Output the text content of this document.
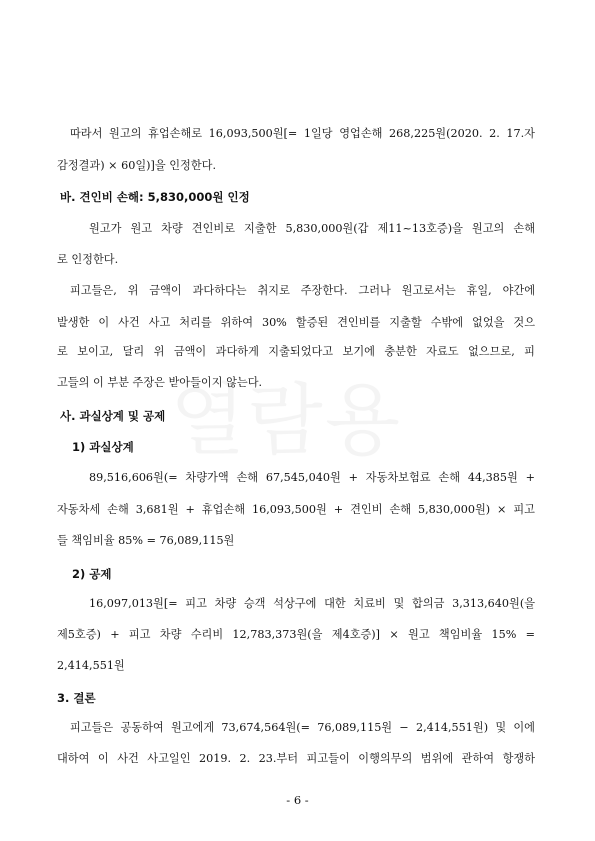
따라서 원고의 휴업손해로 16,093,500원[= 1일당 영업손해 268,225원(2020. 2. 17.자
감정결과) × 60일)]을 인정한다.
바. 견인비 손해: 5,830,000원 인정
원고가 원고 차량 견인비로 지출한 5,830,000원(갑 제11~13호증)을 원고의 손해
로 인정한다.
피고들은, 위 금액이 과다하다는 취지로 주장한다. 그러나 원고로서는 휴일, 야간에
발생한 이 사건 사고 처리를 위하여 30% 할증된 견인비를 지출할 수밖에 없었을 것으
로 보이고, 달리 위 금액이 과다하게 지출되었다고 보기에 충분한 자료도 없으므로, 피
고들의 이 부분 주장은 받아들이지 않는다.
사. 과실상계 및 공제
1) 과실상계
89,516,606원(= 차량가액 손해 67,545,040원 + 자동차보험료 손해 44,385원 +
자동차세 손해 3,681원 + 휴업손해 16,093,500원 + 견인비 손해 5,830,000원) × 피고
들 책임비율 85% = 76,089,115원
2) 공제
16,097,013원[= 피고 차량 승객 석상구에 대한 치료비 및 합의금 3,313,640원(을
제5호증) + 피고 차량 수리비 12,783,373원(을 제4호증)] × 원고 책임비율 15% =
2,414,551원
3. 결론
피고들은 공동하여 원고에게 73,674,564원(= 76,089,115원 − 2,414,551원) 및 이에
대하여 이 사건 사고일인 2019. 2. 23.부터 피고들이 이행의무의 범위에 관하여 항쟁하
- 6 -
